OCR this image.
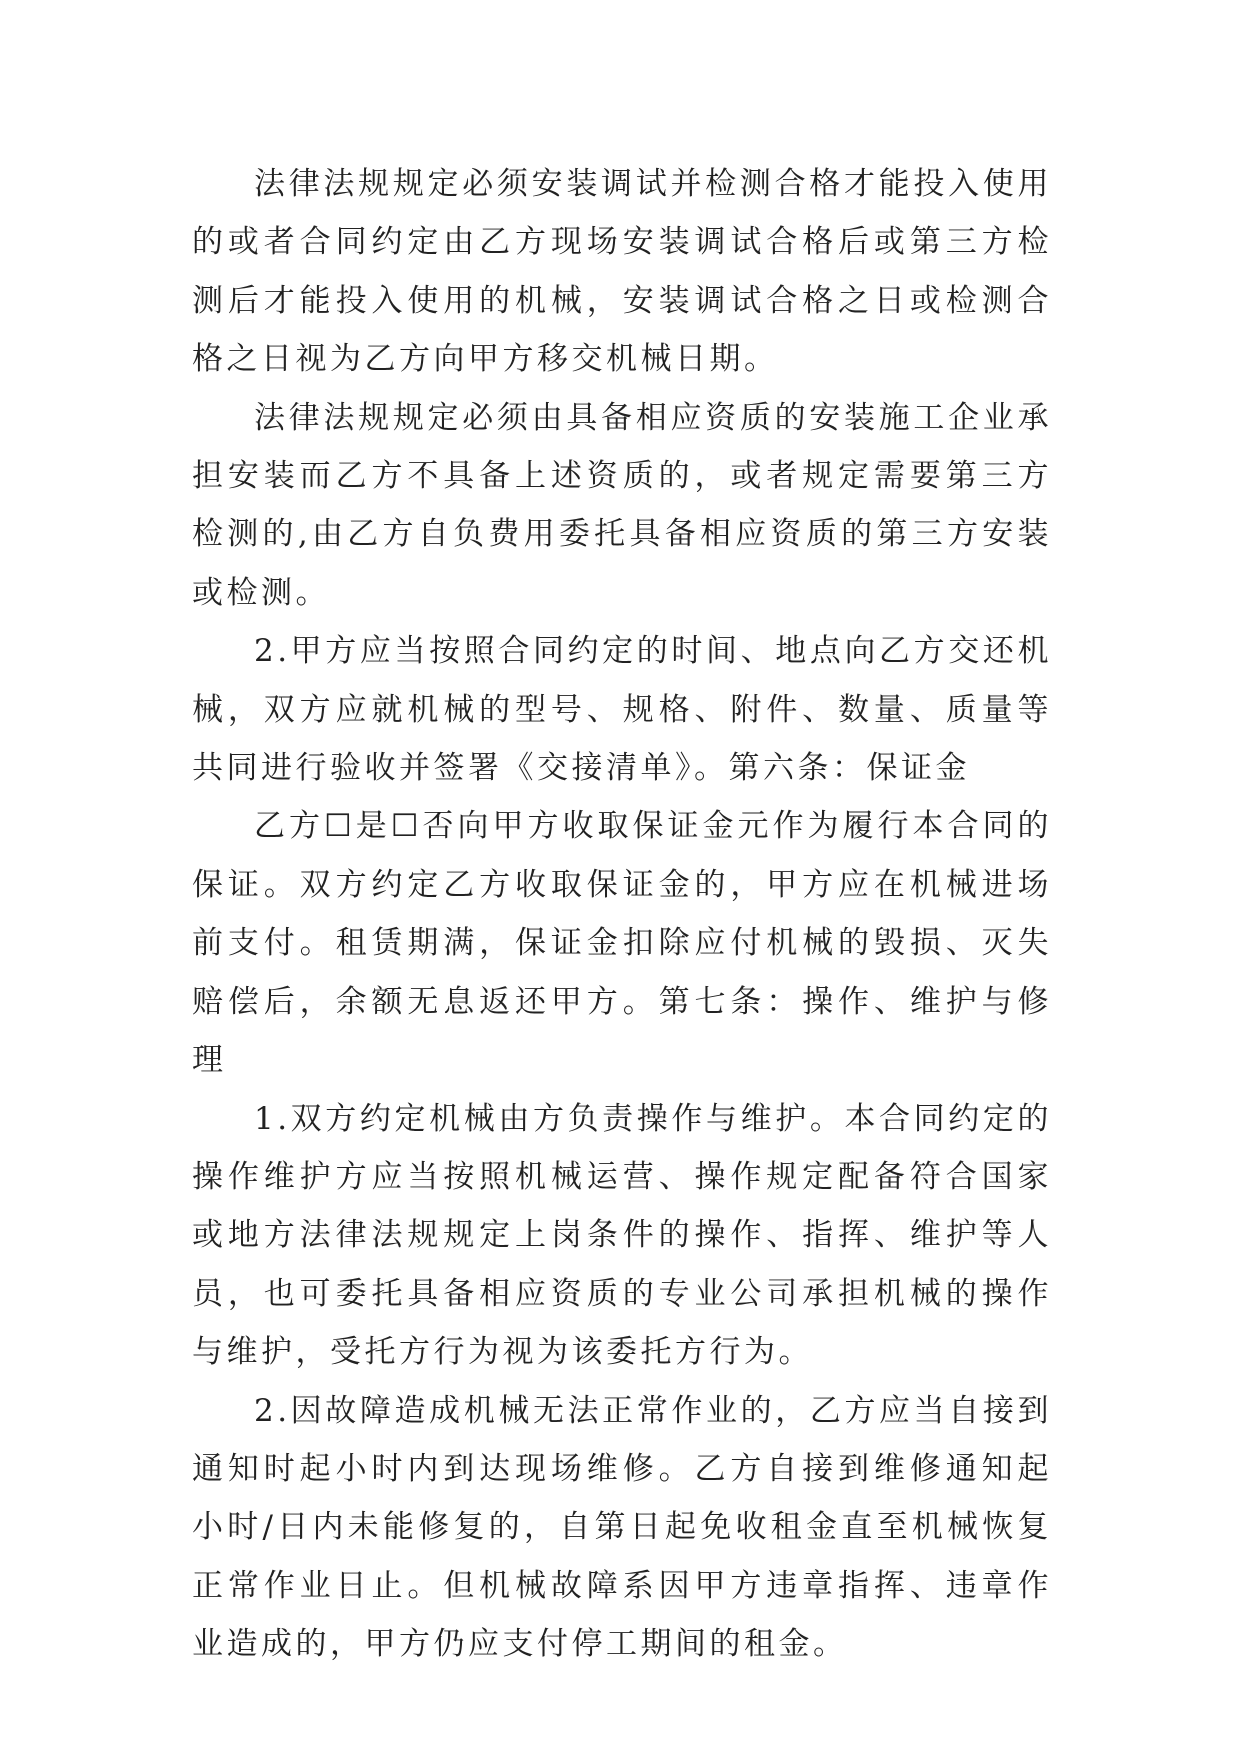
法律法规规定必须安装调试并检测合格才能投入使用的或者合同约定由乙方现场安装调试合格后或第三方检测后才能投入使用的机械，安装调试合格之日或检测合格之日视为乙方向甲方移交机械日期。

法律法规规定必须由具备相应资质的安装施工企业承担安装而乙方不具备上述资质的，或者规定需要第三方检测的,由乙方自负费用委托具备相应资质的第三方安装或检测。

2.甲方应当按照合同约定的时间、地点向乙方交还机械，双方应就机械的型号、规格、附件、数量、质量等共同进行验收并签署《交接清单》。第六条：保证金

乙方☐是☐否向甲方收取保证金元作为履行本合同的保证。双方约定乙方收取保证金的，甲方应在机械进场前支付。租赁期满，保证金扣除应付机械的毁损、灭失赔偿后，余额无息返还甲方。第七条：操作、维护与修理

1.双方约定机械由方负责操作与维护。本合同约定的操作维护方应当按照机械运营、操作规定配备符合国家或地方法律法规规定上岗条件的操作、指挥、维护等人员，也可委托具备相应资质的专业公司承担机械的操作与维护，受托方行为视为该委托方行为。

2.因故障造成机械无法正常作业的，乙方应当自接到通知时起小时内到达现场维修。乙方自接到维修通知起小时/日内未能修复的，自第日起免收租金直至机械恢复正常作业日止。但机械故障系因甲方违章指挥、违章作业造成的，甲方仍应支付停工期间的租金。
